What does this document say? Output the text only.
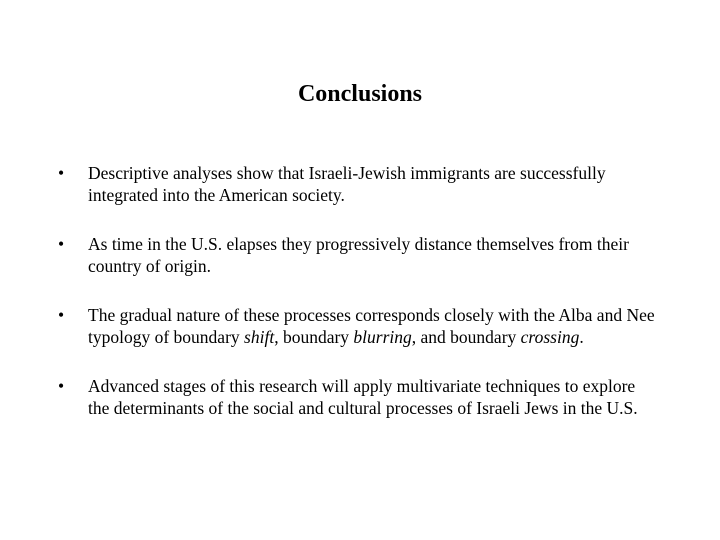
Conclusions
•	Descriptive analyses show that Israeli-Jewish immigrants are successfully integrated into the American society.
•	As time in the U.S. elapses they progressively distance themselves from their country of origin.
•	The gradual nature of these processes corresponds closely with the Alba and Nee typology of boundary shift, boundary blurring, and boundary crossing.
•	Advanced stages of this research will apply multivariate techniques to explore the determinants of the social and cultural processes of Israeli Jews in the U.S.
